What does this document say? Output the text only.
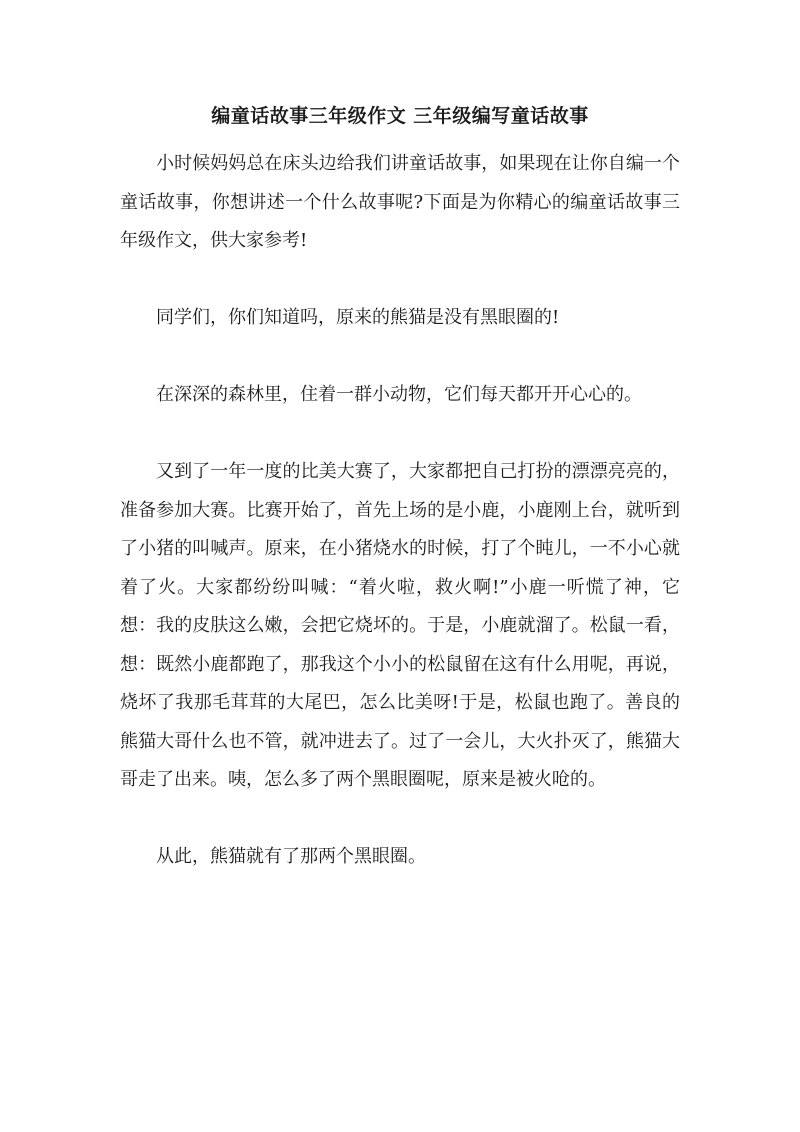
编童话故事三年级作文 三年级编写童话故事

小时候妈妈总在床头边给我们讲童话故事，如果现在让你自编一个童话故事，你想讲述一个什么故事呢?下面是为你精心的编童话故事三年级作文，供大家参考!

同学们，你们知道吗，原来的熊猫是没有黑眼圈的!

在深深的森林里，住着一群小动物，它们每天都开开心心的。

又到了一年一度的比美大赛了，大家都把自己打扮的漂漂亮亮的，准备参加大赛。比赛开始了，首先上场的是小鹿，小鹿刚上台，就听到了小猪的叫喊声。原来，在小猪烧水的时候，打了个盹儿，一不小心就着了火。大家都纷纷叫喊：“着火啦，救火啊!”小鹿一听慌了神，它想：我的皮肤这么嫩，会把它烧坏的。于是，小鹿就溜了。松鼠一看，想：既然小鹿都跑了，那我这个小小的松鼠留在这有什么用呢，再说，烧坏了我那毛茸茸的大尾巴，怎么比美呀!于是，松鼠也跑了。善良的熊猫大哥什么也不管，就冲进去了。过了一会儿，大火扑灭了，熊猫大哥走了出来。咦，怎么多了两个黑眼圈呢，原来是被火呛的。

从此，熊猫就有了那两个黑眼圈。
